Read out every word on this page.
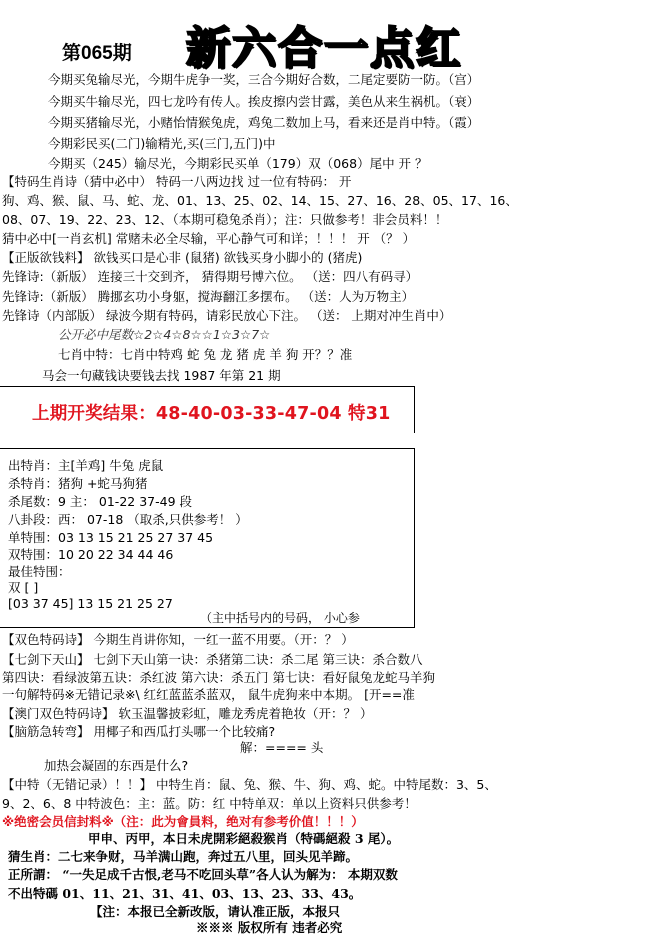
第065期 新六合一点红
今期买兔输尽光，今期牛虎争一奖，三合今期好合数，二尾定要防一防。（宫）
今期买牛输尽光，四七龙吟有传人。挨皮擦内尝甘露，美色从来生祸机。（衰）
今期买猪输尽光，小赌怡情猴兔虎，鸡兔二数加上马，看来还是肖中特。（霞）
今期彩民买(二门)输精光,买(三门,五门)中
今期买（245）输尽光，今期彩民买单（179）双（068）尾中 开 ？
【特码生肖诗（猜中必中） 特码一八两边找 过一位有特码： 开
狗、鸡、猴、鼠、马、蛇、龙、01、13、25、02、14、15、27、16、28、05、17、16、
08、07、19、22、23、12、（本期可稳兔杀肖）；注：只做参考！非会员料！！
猜中必中[一肖玄机] 常赌未必全尽输，平心静气可和详；！！！ 开 （？ ）
【正版欲钱料】 欲钱买口是心非 (鼠猪) 欲钱买身小脚小的 (猪虎)
先锋诗:（新版） 连接三十交到齐， 猜得期号博六位。 （送：四八有码寻）
先锋诗:（新版） 腾挪玄功小身躯，搅海翻江多摆布。 （送：人为万物主）
先锋诗（内部版） 绿波今期有特码，请彩民放心下注。 （送： 上期对冲生肖中）
公开必中尾数☆2☆4☆8☆☆1☆3☆7☆
七肖中特：七肖中特鸡 蛇 兔 龙 猪 虎 羊 狗 开？？准
马会一句藏钱诀要钱去找 1987 年第 21 期
上期开奖结果：48-40-03-33-47-04 特31
出特肖：主[羊鸡] 牛兔 虎鼠
杀特肖：猪狗 +蛇马狗猪
杀尾数：9 主： 01-22 37-49 段
八卦段：西： 07-18 （取杀,只供参考！ ）
单特围：03 13 15 21 25 27 37 45
双特围：10 20 22 34 44 46
最佳特围：
双 [ ]
[03 37 45] 13 15 21 25 27
（主中括号内的号码， 小心参
【双色特码诗】 今期生肖讲你知，一红一蓝不用要。（开：？ ）
【七剑下天山】 七剑下天山第一诀：杀猪第二诀：杀二尾 第三诀：杀合数八
第四诀：看绿波第五诀：杀红波 第六诀：杀五门 第七诀：看好鼠兔龙蛇马羊狗
一句解特码※无错记录※\ 红红蓝蓝杀蓝双， 鼠牛虎狗来中本期。 [开==准
【澳门双色特码诗】 软玉温馨披彩虹，雕龙秀虎着艳妆（开：？ ）
【脑筋急转弯】 用椰子和西瓜打头哪一个比较痛?
解：==== 头
加热会凝固的东西是什么?
【中特（无错记录）！！】 中特生肖：鼠、兔、猴、牛、狗、鸡、蛇。中特尾数：3、5、
9、2、6、8 中特波色：主：蓝。防：红 中特单双：单以上资料只供参考！
※绝密会员信封料※（注：此为會員料，绝对有参考价值！！！）
甲申、丙甲，本日未虎開彩絕殺猴肖（特碼絕殺 3 尾）。
猜生肖：二七来争财，马羊满山跑，奔过五八里，回头见羊蹄。
正所謂： “一失足成千古恨,老马不吃回头草”各人认为解为： 本期双数
不出特碼 01、11、21、31、41、03、13、23、33、43。
【注：本报已全新改版，请认准正版，本报只
※※※ 版权所有 违者必究
